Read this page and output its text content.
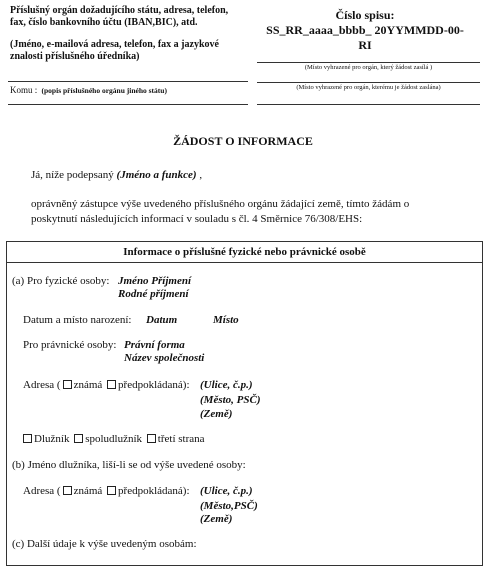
Příslušný orgán dožadujícího státu, adresa, telefon,
fax, číslo bankovního účtu (IBAN,BIC), atd.
(Jméno, e-mailová adresa, telefon, fax a jazykové
znalosti příslušného úředníka)
Číslo spisu:
SS_RR_aaaa_bbbb_ 20YYMMDD-00-RI
(Místo vyhrazené pro orgán, který žádost zasílá )
Komu : (popis příslušného orgánu jiného státu)	(Místo vyhrazené pro orgán, kterému je žádost zaslána)
ŽÁDOST O INFORMACE
Já, níže podepsaný (Jméno a funkce) ,
oprávněný zástupce výše uvedeného příslušného orgánu žádající země, tímto žádám o
poskytnutí následujících informací v souladu s čl. 4 Směrnice 76/308/EHS:
Informace o příslušné fyzické nebo právnické osobě
(a) Pro fyzické osoby: Jméno Příjmení
Rodné příjmení
Datum a místo narození: Datum	Místo
Pro právnické osoby: Právní forma
Název společnosti
Adresa ( známá předpokládaná): (Ulice, č.p.)
(Město, PSČ)
(Země)
Dlužník spoludlužník třetí strana
(b) Jméno dlužníka, liší-li se od výše uvedené osoby:
Adresa ( známá předpokládaná): (Ulice, č.p.)
(Město,PSČ)
(Země)
(c) Další údaje k výše uvedeným osobám:
